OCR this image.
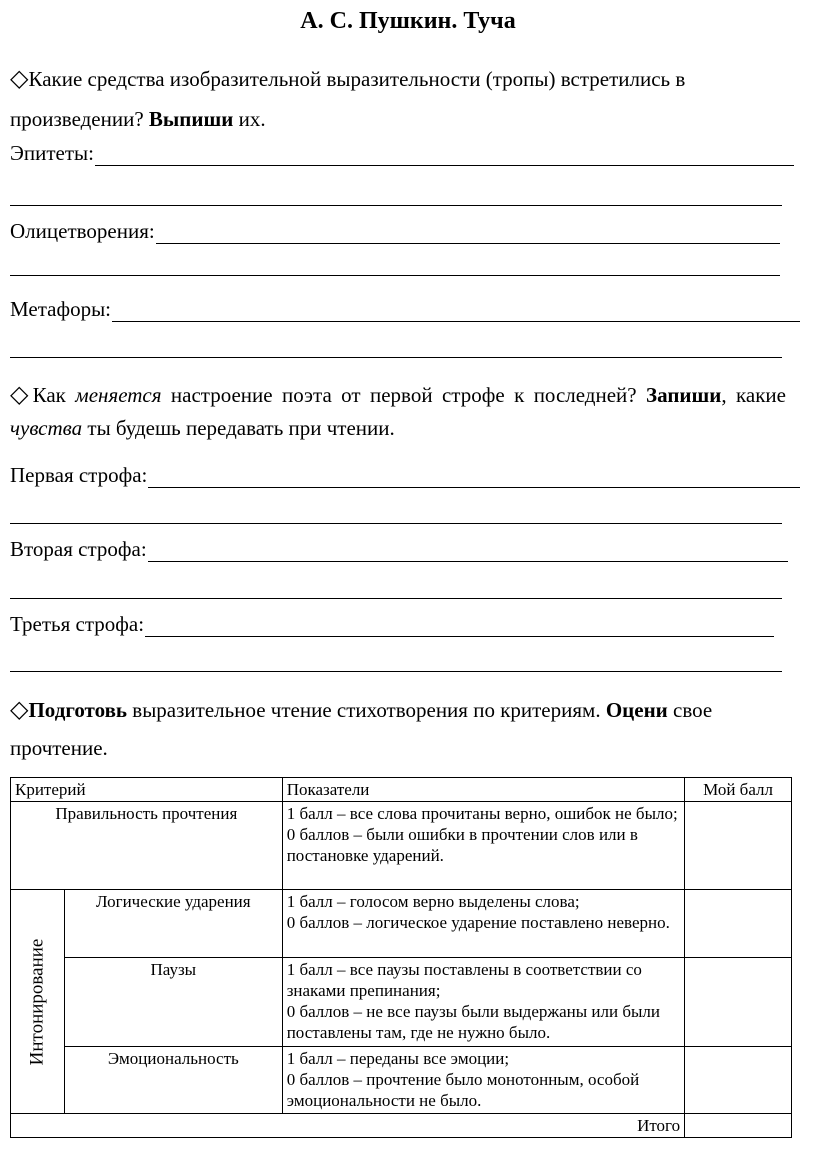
А. С. Пушкин. Туча
◇Какие средства изобразительной выразительности (тропы) встретились в произведении? Выпиши их.
Эпитеты:
Олицетворения:
Метафоры:
◇Как меняется настроение поэта от первой строфе к последней? Запиши, какие чувства ты будешь передавать при чтении.
Первая строфа:
Вторая строфа:
Третья строфа:
◇Подготовь выразительное чтение стихотворения по критериям. Оцени свое прочтение.
Критерий		Показатели	Мой балл
Правильность прочтения		1 балл – все слова прочитаны верно, ошибок не было;
0 баллов – были ошибки в прочтении слов или в постановке ударений.	

Интонирование	Логические ударения	1 балл – голосом верно выделены слова;
0 баллов – логическое ударение поставлено неверно.	

	Паузы	1 балл – все паузы поставлены в соответствии со знаками препинания;
0 баллов – не все паузы были выдержаны или были поставлены там, где не нужно было.	

	Эмоциональность	1 балл – переданы все эмоции;
0 баллов – прочтение было монотонным, особой эмоциональности не было.	

Итого			
